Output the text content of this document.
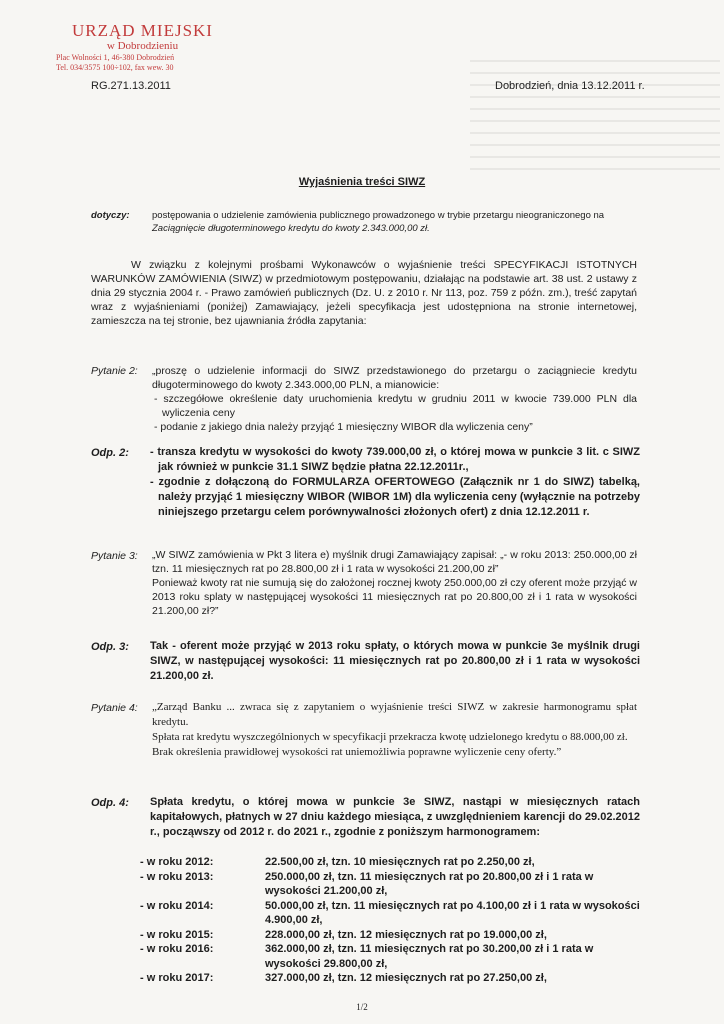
URZĄD MIEJSKI
w Dobrodzieniu
Plac Wolności 1, 46-380 Dobrodzień
Tel. 034/3575 100÷102, fax wew. 30
RG.271.13.2011	Dobrodzień, dnia 13.12.2011 r.
Wyjaśnienia treści SIWZ
dotyczy: postępowania o udzielenie zamówienia publicznego prowadzonego w trybie przetargu nieograniczonego na Zaciągnięcie długoterminowego kredytu do kwoty 2.343.000,00 zł.
W związku z kolejnymi prośbami Wykonawców o wyjaśnienie treści SPECYFIKACJI ISTOTNYCH WARUNKÓW ZAMÓWIENIA (SIWZ) w przedmiotowym postępowaniu, działając na podstawie art. 38 ust. 2 ustawy z dnia 29 stycznia 2004 r. - Prawo zamówień publicznych (Dz. U. z 2010 r. Nr 113, poz. 759 z późn. zm.), treść zapytań wraz z wyjaśnieniami (poniżej) Zamawiający, jeżeli specyfikacja jest udostępniona na stronie internetowej, zamieszcza na tej stronie, bez ujawniania źródła zapytania:
Pytanie 2: „proszę o udzielenie informacji do SIWZ przedstawionego do przetargu o zaciągniecie kredytu długoterminowego do kwoty 2.343.000,00 PLN, a mianowicie:
- szczegółowe określenie daty uruchomienia kredytu w grudniu 2011 w kwocie 739.000 PLN dla wyliczenia ceny
- podanie z jakiego dnia należy przyjąć 1 miesięczny WIBOR dla wyliczenia ceny”
Odp. 2: - transza kredytu w wysokości do kwoty 739.000,00 zł, o której mowa w punkcie 3 lit. c SIWZ jak również w punkcie 31.1 SIWZ będzie płatna 22.12.2011r.,
- zgodnie z dołączoną do FORMULARZA OFERTOWEGO (Załącznik nr 1 do SIWZ) tabelką, należy przyjąć 1 miesięczny WIBOR (WIBOR 1M) dla wyliczenia ceny (wyłącznie na potrzeby niniejszego przetargu celem porównywalności złożonych ofert) z dnia 12.12.2011 r.
Pytanie 3: „W SIWZ zamówienia w Pkt 3 litera e) myślnik drugi Zamawiający zapisał: „- w roku 2013: 250.000,00 zł tzn. 11 miesięcznych rat po 28.800,00 zł i 1 rata w wysokości 21.200,00 zł”
Ponieważ kwoty rat nie sumują się do założonej rocznej kwoty 250.000,00 zł czy oferent może przyjąć w 2013 roku splaty w następującej wysokości 11 miesięcznych rat po 20.800,00 zł i 1 rata w wysokości 21.200,00 zł?”
Odp. 3: Tak - oferent może przyjąć w 2013 roku spłaty, o których mowa w punkcie 3e myślnik drugi SIWZ, w następującej wysokości: 11 miesięcznych rat po 20.800,00 zł i 1 rata w wysokości 21.200,00 zł.
Pytanie 4: „Zarząd Banku ... zwraca się z zapytaniem o wyjaśnienie treści SIWZ w zakresie harmonogramu spłat kredytu.
Spłata rat kredytu wyszczególnionych w specyfikacji przekracza kwotę udzielonego kredytu o 88.000,00 zł.
Brak określenia prawidłowej wysokości rat uniemożliwia poprawne wyliczenie ceny oferty.”
Odp. 4: Spłata kredytu, o której mowa w punkcie 3e SIWZ, nastąpi w miesięcznych ratach kapitałowych, płatnych w 27 dniu każdego miesiąca, z uwzględnieniem karencji do 29.02.2012 r., począwszy od 2012 r. do 2021 r., zgodnie z poniższym harmonogramem:
- w roku 2012:	22.500,00 zł, tzn. 10 miesięcznych rat po 2.250,00 zł,
- w roku 2013:	250.000,00 zł, tzn. 11 miesięcznych rat po 20.800,00 zł i 1 rata w wysokości 21.200,00 zł,
- w roku 2014:	50.000,00 zł, tzn. 11 miesięcznych rat po 4.100,00 zł i 1 rata w wysokości 4.900,00 zł,
- w roku 2015:	228.000,00 zł, tzn. 12 miesięcznych rat po 19.000,00 zł,
- w roku 2016:	362.000,00 zł, tzn. 11 miesięcznych rat po 30.200,00 zł i 1 rata w wysokości 29.800,00 zł,
- w roku 2017:	327.000,00 zł, tzn. 12 miesięcznych rat po 27.250,00 zł,
1/2
